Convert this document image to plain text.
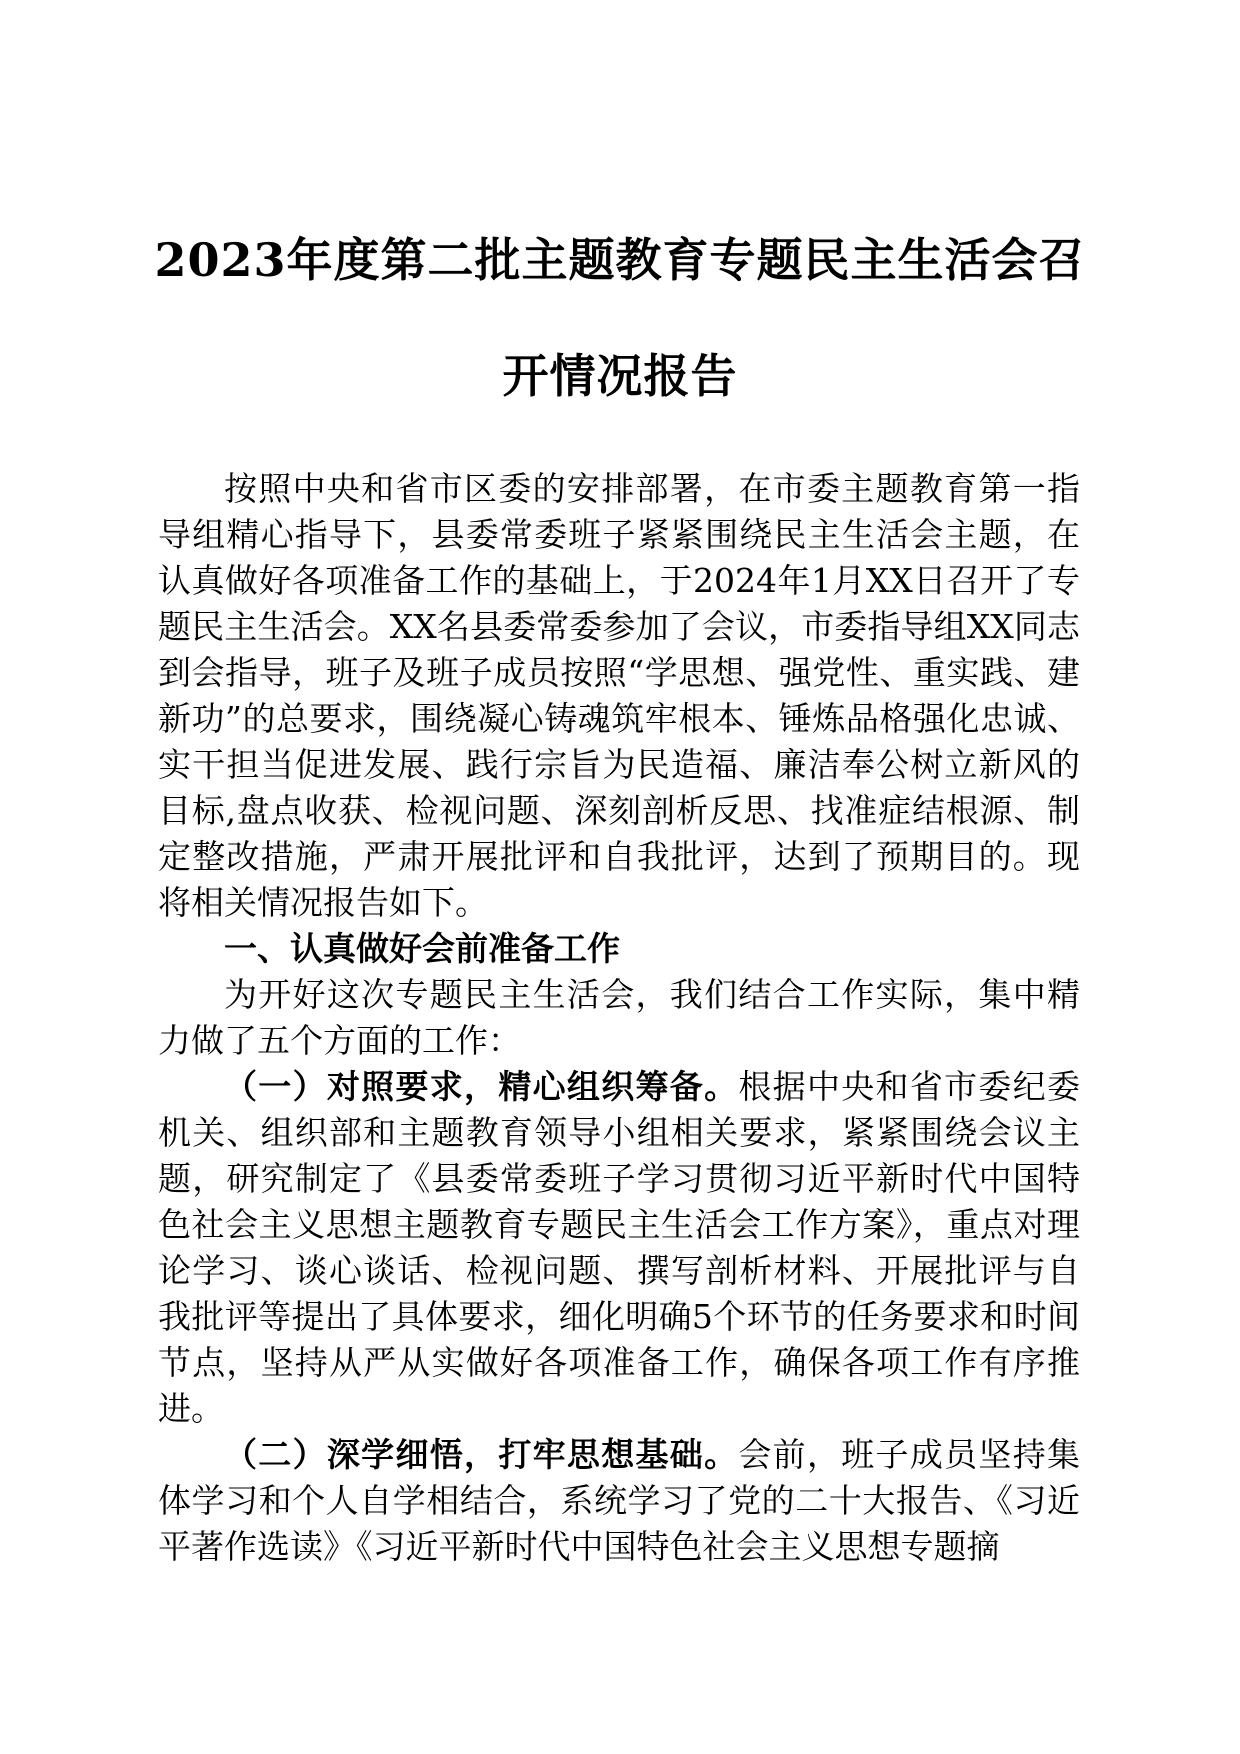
2023年度第二批主题教育专题民主生活会召
开情况报告

按照中央和省市区委的安排部署，在市委主题教育第一指导组精心指导下，县委常委班子紧紧围绕民主生活会主题，在认真做好各项准备工作的基础上，于2024年1月XX日召开了专题民主生活会。XX名县委常委参加了会议，市委指导组XX同志到会指导，班子及班子成员按照“学思想、强党性、重实践、建新功”的总要求，围绕凝心铸魂筑牢根本、锤炼品格强化忠诚、实干担当促进发展、践行宗旨为民造福、廉洁奉公树立新风的目标,盘点收获、检视问题、深刻剖析反思、找准症结根源、制定整改措施，严肃开展批评和自我批评，达到了预期目的。现将相关情况报告如下。

一、认真做好会前准备工作

为开好这次专题民主生活会，我们结合工作实际，集中精力做了五个方面的工作：

（一）对照要求，精心组织筹备。根据中央和省市委纪委机关、组织部和主题教育领导小组相关要求，紧紧围绕会议主题，研究制定了《县委常委班子学习贯彻习近平新时代中国特色社会主义思想主题教育专题民主生活会工作方案》，重点对理论学习、谈心谈话、检视问题、撰写剖析材料、开展批评与自我批评等提出了具体要求，细化明确5个环节的任务要求和时间节点，坚持从严从实做好各项准备工作，确保各项工作有序推进。

（二）深学细悟，打牢思想基础。会前，班子成员坚持集体学习和个人自学相结合，系统学习了党的二十大报告、《习近平著作选读》《习近平新时代中国特色社会主义思想专题摘
